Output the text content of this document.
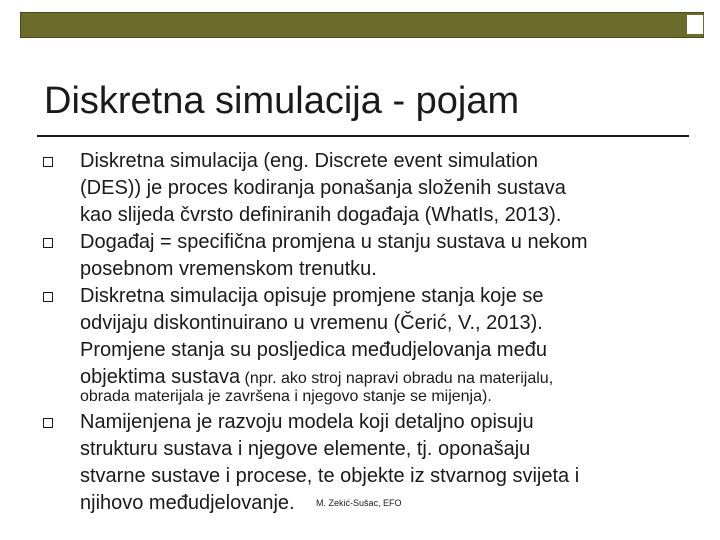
Diskretna simulacija - pojam
Diskretna simulacija (eng. Discrete event simulation
(DES)) je proces kodiranja ponašanja složenih sustava
kao slijeda čvrsto definiranih događaja (WhatIs, 2013).
Događaj = specifična promjena u stanju sustava u nekom
posebnom vremenskom trenutku.
Diskretna simulacija opisuje promjene stanja koje se
odvijaju diskontinuirano u vremenu (Čerić, V., 2013).
Promjene stanja su posljedica međudjelovanja među
objektima sustava (npr. ako stroj napravi obradu na materijalu,
obrada materijala je završena i njegovo stanje se mijenja).
Namijenjena je razvoju modela koji detaljno opisuju
strukturu sustava i njegove elemente, tj. oponašaju
stvarne sustave i procese, te objekte iz stvarnog svijeta i
njihovo međudjelovanje.	M. Zekić-Sušac, EFO
